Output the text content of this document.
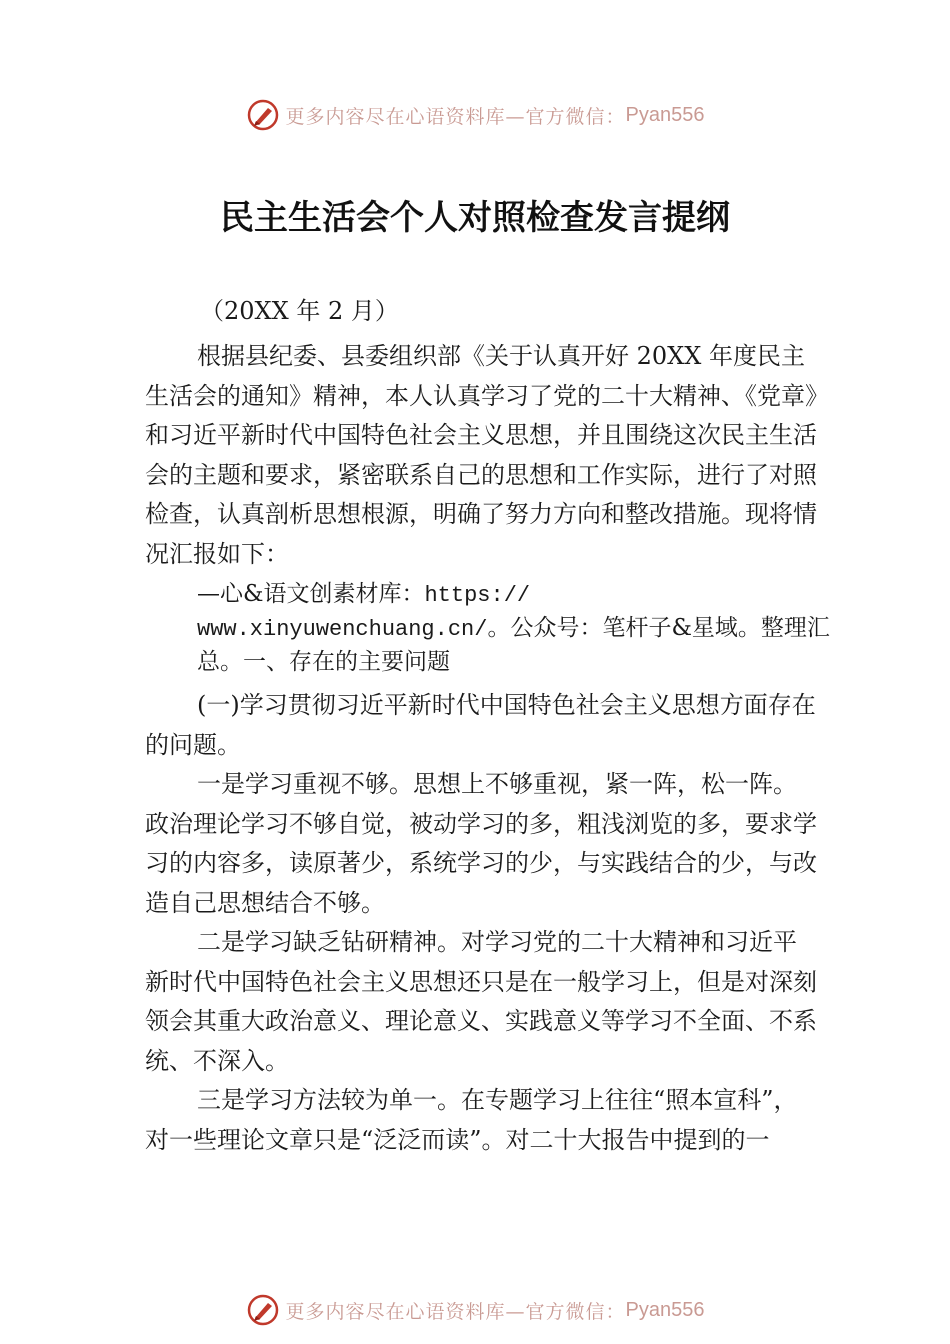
更多内容尽在心语资料库—官方微信： Pyan556
民主生活会个人对照检查发言提纲

（20XX 年 2 月）

根据县纪委、县委组织部《关于认真开好 20XX 年度民主生活会的通知》精神，本人认真学习了党的二十大精神、《党章》和习近平新时代中国特色社会主义思想，并且围绕这次民主生活会的主题和要求，紧密联系自己的思想和工作实际，进行了对照检查，认真剖析思想根源，明确了努力方向和整改措施。现将情况汇报如下：

—心&语文创素材库：https://
www.xinyuwenchuang.cn/。公众号：笔杆子&星域。整理汇总。一、存在的主要问题

(一)学习贯彻习近平新时代中国特色社会主义思想方面存在的问题。

一是学习重视不够。思想上不够重视，紧一阵，松一阵。政治理论学习不够自觉，被动学习的多，粗浅浏览的多，要求学习的内容多，读原著少，系统学习的少，与实践结合的少，与改造自己思想结合不够。

二是学习缺乏钻研精神。对学习党的二十大精神和习近平新时代中国特色社会主义思想还只是在一般学习上，但是对深刻领会其重大政治意义、理论意义、实践意义等学习不全面、不系统、不深入。

三是学习方法较为单一。在专题学习上往往“照本宣科”，对一些理论文章只是“泛泛而读”。对二十大报告中提到的一

更多内容尽在心语资料库—官方微信： Pyan556
